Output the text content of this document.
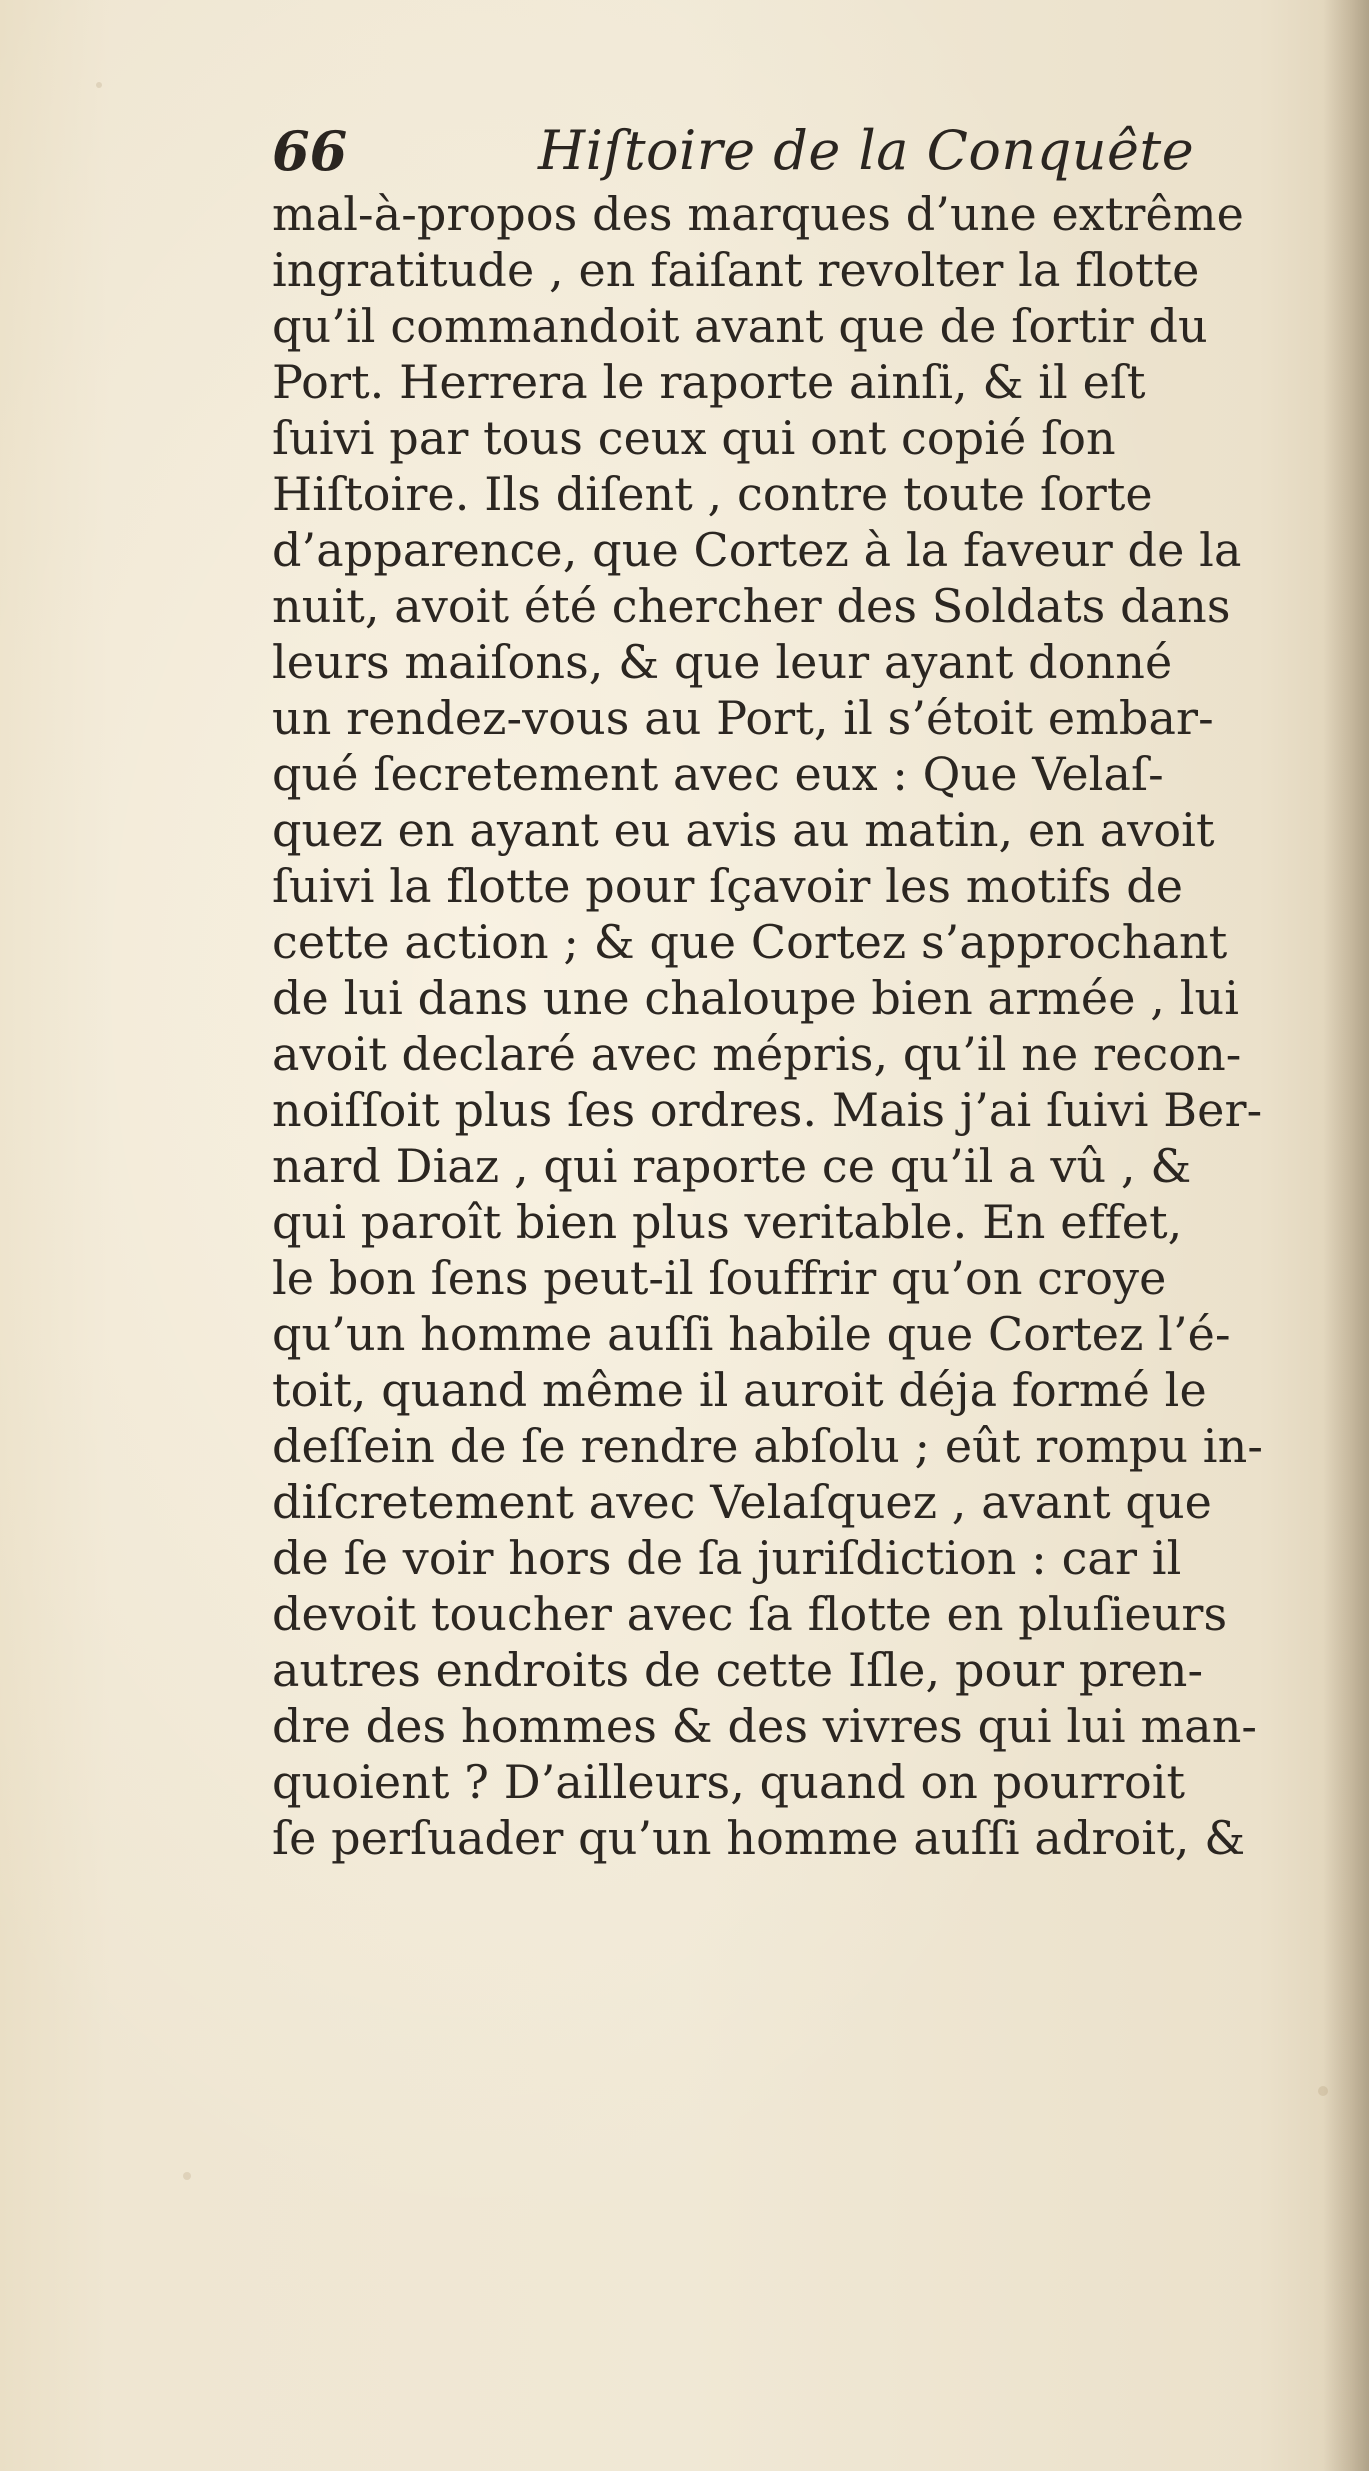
66	Hiſtoire de la Conquête
mal-à-propos des marques d’une extrême
ingratitude , en faiſant revolter la flotte
qu’il commandoit avant que de ſortir du
Port. Herrera le raporte ainſi, & il eſt
ſuivi par tous ceux qui ont copié ſon
Hiſtoire. Ils diſent , contre toute ſorte
d’apparence, que Cortez à la faveur de la
nuit, avoit été chercher des Soldats dans
leurs maiſons, & que leur ayant donné
un rendez-vous au Port, il s’étoit embar-
qué ſecretement avec eux : Que Velaſ-
quez en ayant eu avis au matin, en avoit
ſuivi la flotte pour ſçavoir les motifs de
cette action ; & que Cortez s’approchant
de lui dans une chaloupe bien armée , lui
avoit declaré avec mépris, qu’il ne recon-
noiſſoit plus ſes ordres. Mais j’ai ſuivi Ber-
nard Diaz , qui raporte ce qu’il a vû , &
qui paroît bien plus veritable. En effet,
le bon ſens peut-il ſouffrir qu’on croye
qu’un homme auſſi habile que Cortez l’é-
toit, quand même il auroit déja formé le
deſſein de ſe rendre abſolu ; eût rompu in-
diſcretement avec Velaſquez , avant que
de ſe voir hors de ſa juriſdiction : car il
devoit toucher avec ſa flotte en pluſieurs
autres endroits de cette Iſle, pour pren-
dre des hommes & des vivres qui lui man-
quoient ? D’ailleurs, quand on pourroit
ſe perſuader qu’un homme auſſi adroit, &
